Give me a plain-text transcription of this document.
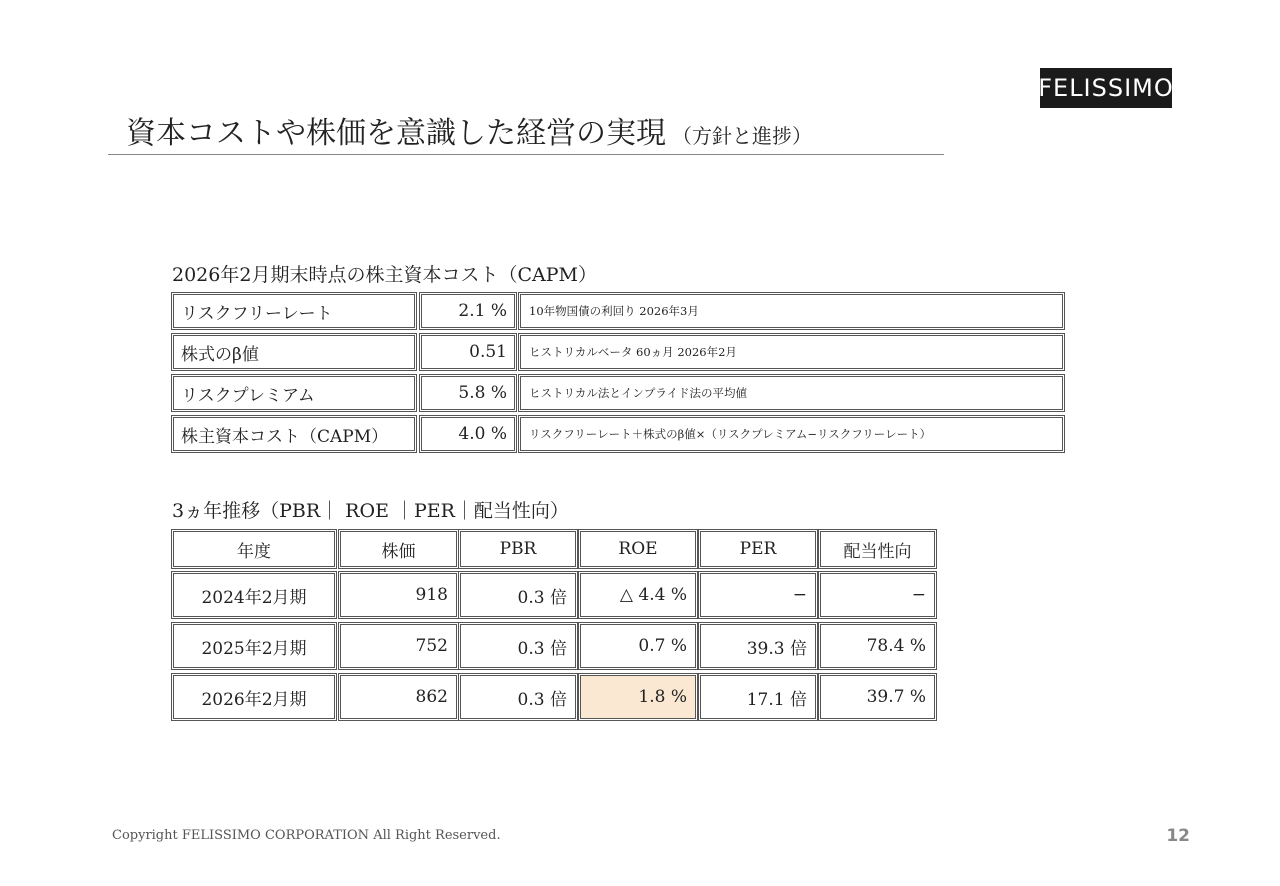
FELISSIMO
資本コストや株価を意識した経営の実現 （方針と進捗）
2026年2月期末時点の株主資本コスト（CAPM）
リスクフリーレート	2.1 %	10年物国債の利回り 2026年3月
株式のβ値	0.51	ヒストリカルベータ 60ヵ月 2026年2月
リスクプレミアム	5.8 %	ヒストリカル法とインプライド法の平均値
株主資本コスト（CAPM）	4.0 %	リスクフリーレート＋株式のβ値×（リスクプレミアム−リスクフリーレート）
3ヵ年推移（PBR｜ ROE ｜PER｜配当性向）
年度	株価	PBR	ROE	PER	配当性向
2024年2月期	918	0.3 倍	△ 4.4 %	−	−
2025年2月期	752	0.3 倍	0.7 %	39.3 倍	78.4 %
2026年2月期	862	0.3 倍	1.8 %	17.1 倍	39.7 %
Copyright FELISSIMO CORPORATION All Right Reserved.	12
